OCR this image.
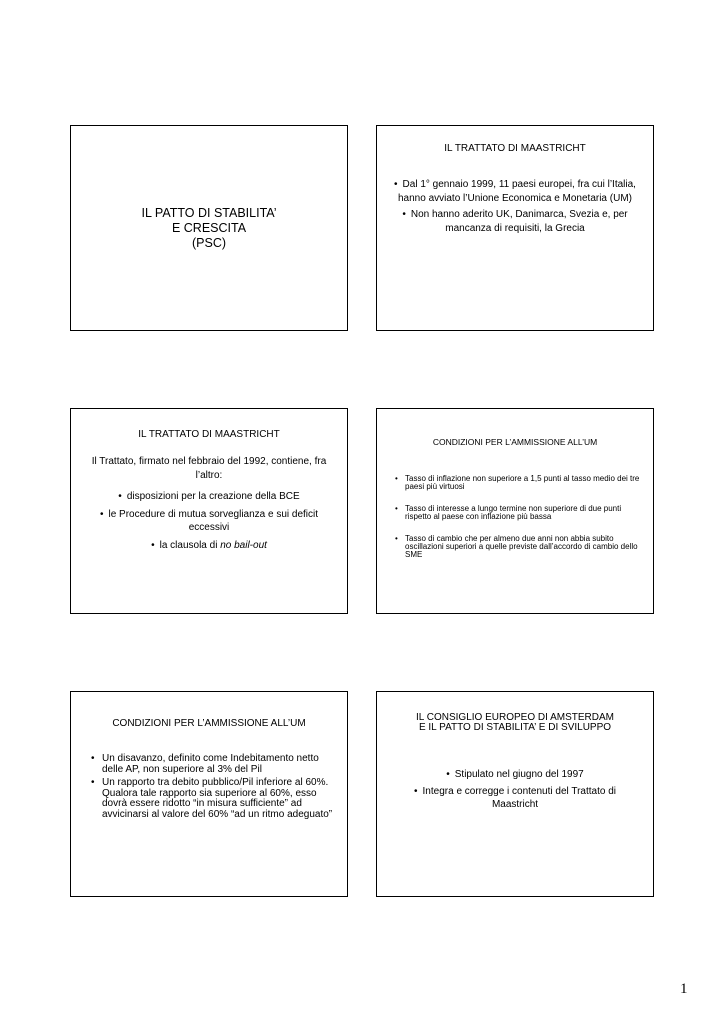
IL PATTO DI STABILITA’
E CRESCITA
(PSC)
IL TRATTATO DI MAASTRICHT
• Dal 1° gennaio 1999, 11 paesi europei, fra cui l’Italia, hanno avviato l’Unione Economica e Monetaria (UM)
• Non hanno aderito UK, Danimarca, Svezia e, per mancanza di requisiti, la Grecia
IL TRATTATO DI MAASTRICHT
Il Trattato, firmato nel febbraio del 1992, contiene, fra l’altro:
• disposizioni per la creazione della BCE
• le Procedure di mutua sorveglianza e sui deficit eccessivi
• la clausola di no bail-out
CONDIZIONI PER L’AMMISSIONE ALL’UM
• Tasso di inflazione non superiore a 1,5 punti al tasso medio dei tre paesi più virtuosi
• Tasso di interesse a lungo termine non superiore di due punti rispetto al paese con inflazione più bassa
• Tasso di cambio che per almeno due anni non abbia subito oscillazioni superiori a quelle previste dall’accordo di cambio dello SME
CONDIZIONI PER L’AMMISSIONE ALL’UM
• Un disavanzo, definito come Indebitamento netto delle AP, non superiore al 3% del Pil
• Un rapporto tra debito pubblico/Pil inferiore al 60%.
Qualora tale rapporto sia superiore al 60%, esso dovrà essere ridotto “in misura sufficiente” ad avvicinarsi al valore del 60% “ad un ritmo adeguato”
IL CONSIGLIO EUROPEO DI AMSTERDAM
E IL PATTO DI STABILITA’ E DI SVILUPPO
• Stipulato nel giugno del 1997
• Integra e corregge i contenuti del Trattato di Maastricht
1
